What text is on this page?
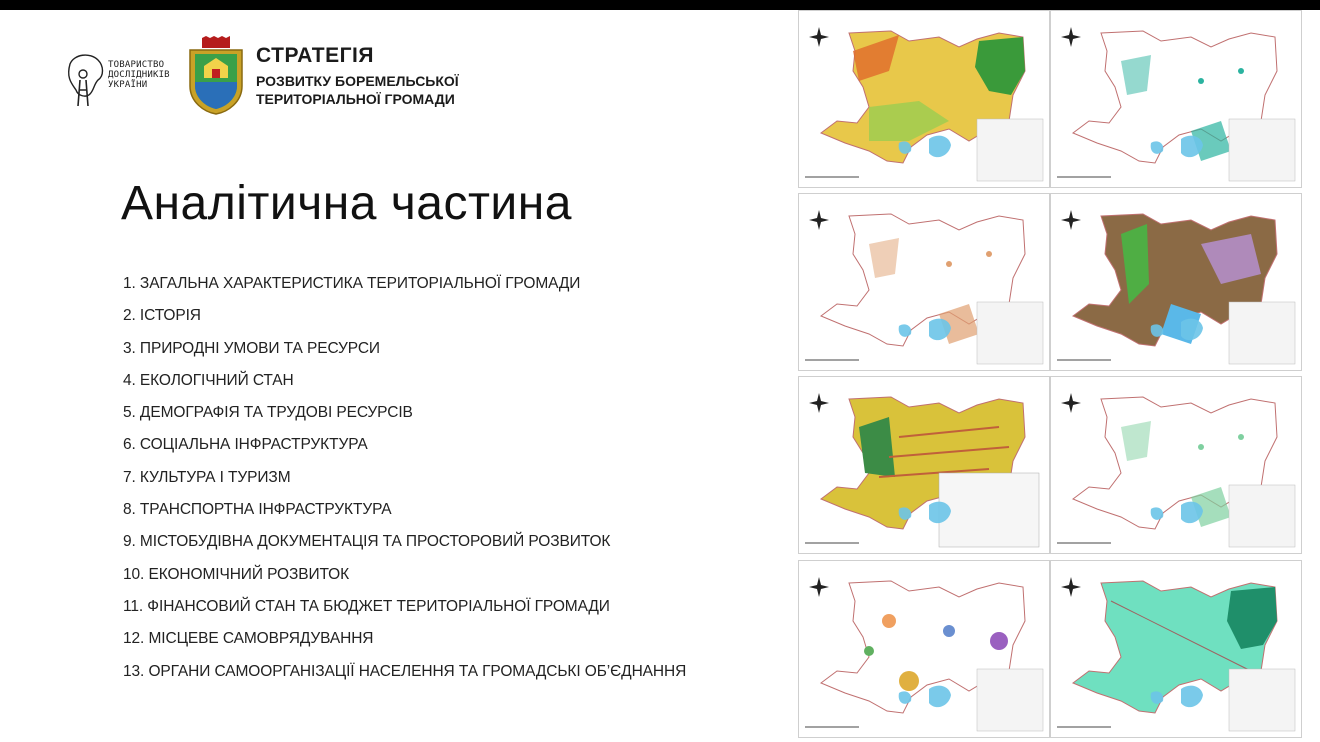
ТОВАРИСТВО
ДОСЛІДНИКІВ
УКРАЇНИ
СТРАТЕГІЯ
РОЗВИТКУ БОРЕМЕЛЬСЬКОЇ
ТЕРИТОРІАЛЬНОЇ ГРОМАДИ
Аналітична частина
1. ЗАГАЛЬНА ХАРАКТЕРИСТИКА ТЕРИТОРІАЛЬНОЇ ГРОМАДИ
2. ІСТОРІЯ
3. ПРИРОДНІ УМОВИ ТА РЕСУРСИ
4. ЕКОЛОГІЧНИЙ СТАН
5. ДЕМОГРАФІЯ ТА ТРУДОВІ РЕСУРСІВ
6. СОЦІАЛЬНА ІНФРАСТРУКТУРА
7. КУЛЬТУРА І ТУРИЗМ
8. ТРАНСПОРТНА ІНФРАСТРУКТУРА
9. МІСТОБУДІВНА ДОКУМЕНТАЦІЯ ТА ПРОСТОРОВИЙ РОЗВИТОК
10. ЕКОНОМІЧНИЙ РОЗВИТОК
11. ФІНАНСОВИЙ СТАН ТА БЮДЖЕТ ТЕРИТОРІАЛЬНОЇ ГРОМАДИ
12. МІСЦЕВЕ САМОВРЯДУВАННЯ
13. ОРГАНИ САМООРГАНІЗАЦІЇ НАСЕЛЕННЯ ТА ГРОМАДСЬКІ ОБ’ЄДНАННЯ
